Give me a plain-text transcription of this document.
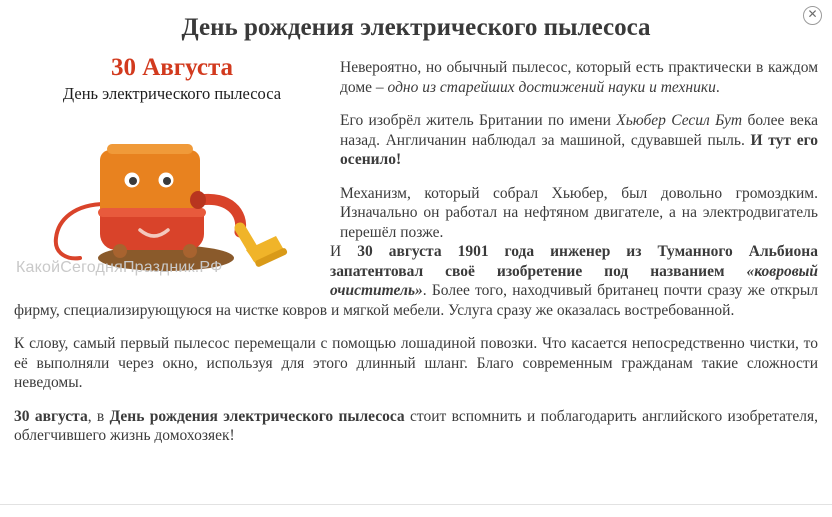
✕
День рождения электрического пылесоса
30 Августа
День электрического пылесоса
КакойСегодняПраздник.РФ

Невероятно, но обычный пылесос, который есть практически в каждом доме – одно из старейших достижений науки и техники.

Его изобрёл житель Британии по имени Хьюбер Сесил Бут более века назад. Англичанин наблюдал за машиной, сдувавшей пыль. И тут его осенило!

Механизм, который собрал Хьюбер, был довольно громоздким. Изначально он работал на нефтяном двигателе, а на электродвигатель перешёл позже.

И 30 августа 1901 года инженер из Туманного Альбиона запатентовал своё изобретение под названием «ковровый очиститель». Более того, находчивый британец почти сразу же открыл фирму, специализирующуюся на чистке ковров и мягкой мебели. Услуга сразу же оказалась востребованной.

К слову, самый первый пылесос перемещали с помощью лошадиной повозки. Что касается непосредственно чистки, то её выполняли через окно, используя для этого длинный шланг. Благо современным гражданам такие сложности неведомы.

30 августа, в День рождения электрического пылесоса стоит вспомнить и поблагодарить английского изобретателя, облегчившего жизнь домохозяек!
